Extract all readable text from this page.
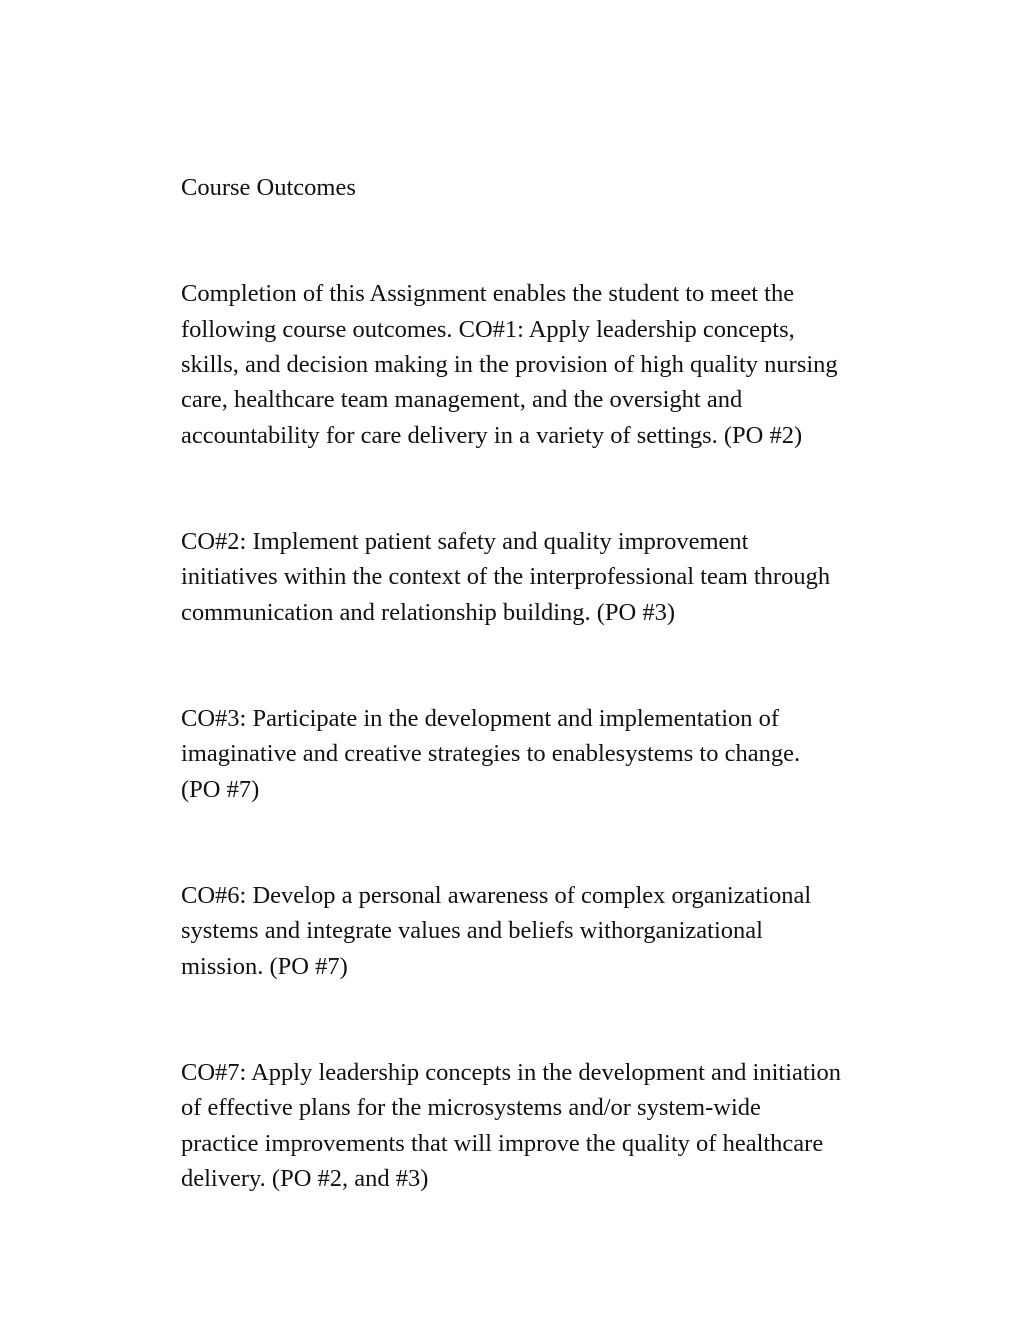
Course Outcomes

Completion of this Assignment enables the student to meet the
following course outcomes. CO#1: Apply leadership concepts,
skills, and decision making in the provision of high quality nursing
care, healthcare team management, and the oversight and
accountability for care delivery in a variety of settings. (PO #2)

CO#2: Implement patient safety and quality improvement
initiatives within the context of the interprofessional team through
communication and relationship building. (PO #3)

CO#3: Participate in the development and implementation of
imaginative and creative strategies to enablesystems to change.
(PO #7)

CO#6: Develop a personal awareness of complex organizational
systems and integrate values and beliefs withorganizational
mission. (PO #7)

CO#7: Apply leadership concepts in the development and initiation
of effective plans for the microsystems and/or system-wide
practice improvements that will improve the quality of healthcare
delivery. (PO #2, and #3)
